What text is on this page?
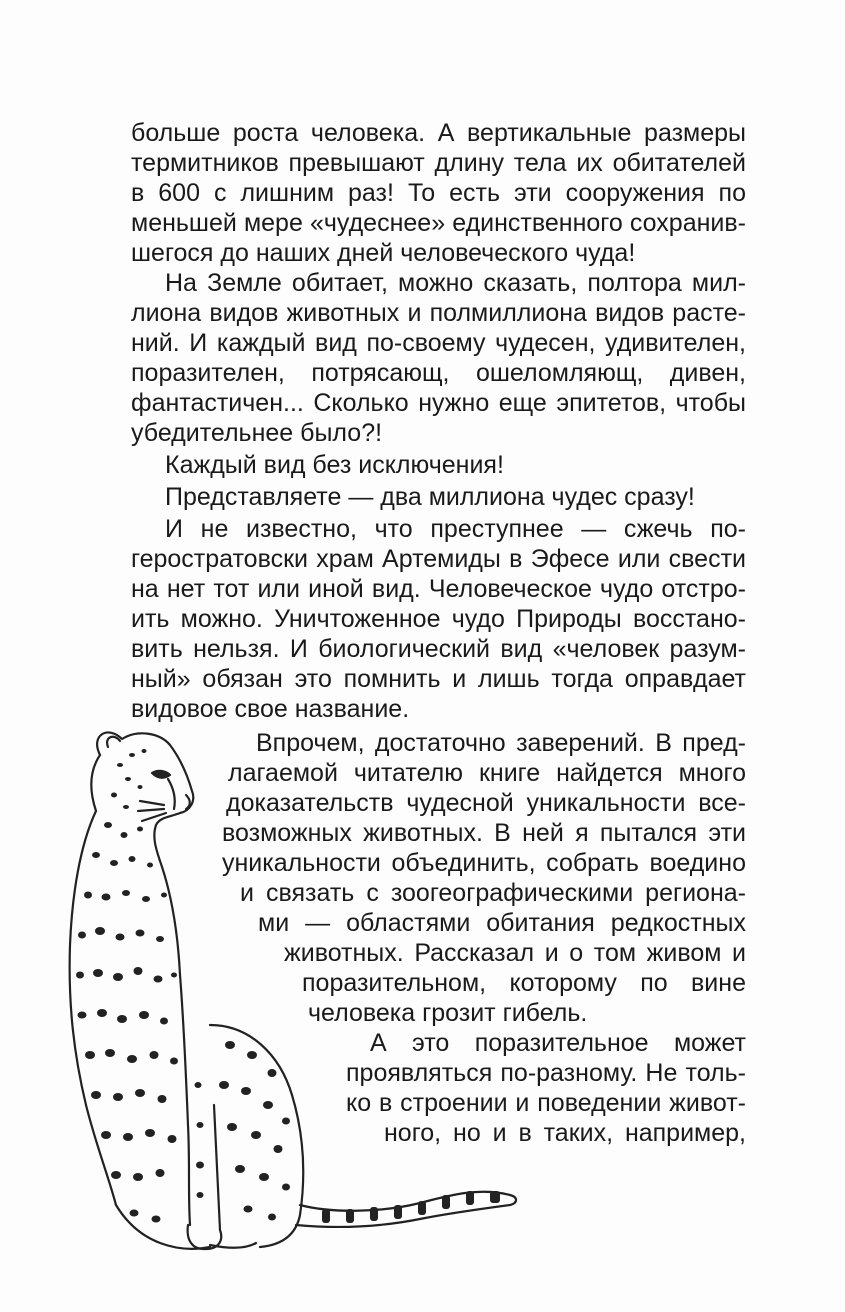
больше роста человека. А вертикальные размеры
термитников превышают длину тела их обитателей
в 600 с лишним раз! То есть эти сооружения по
меньшей мере «чудеснее» единственного сохранив-
шегося до наших дней человеческого чуда!
На Земле обитает, можно сказать, полтора мил-
лиона видов животных и полмиллиона видов расте-
ний. И каждый вид по-своему чудесен, удивителен,
поразителен, потрясающ, ошеломляющ, дивен,
фантастичен... Сколько нужно еще эпитетов, чтобы
убедительнее было?!
Каждый вид без исключения!
Представляете — два миллиона чудес сразу!
И не известно, что преступнее — сжечь по-
геростратовски храм Артемиды в Эфесе или свести
на нет тот или иной вид. Человеческое чудо отстро-
ить можно. Уничтоженное чудо Природы восстано-
вить нельзя. И биологический вид «человек разум-
ный» обязан это помнить и лишь тогда оправдает
видовое свое название.
Впрочем, достаточно заверений. В пред-
лагаемой читателю книге найдется много
доказательств чудесной уникальности все-
возможных животных. В ней я пытался эти
уникальности объединить, собрать воедино
и связать с зоогеографическими регионa-
ми — областями обитания редкостных
животных. Рассказал и о том живом и
поразительном, которому по вине
человека грозит гибель.
А это поразительное может
проявляться по-разному. Не толь-
ко в строении и поведении живот-
ного, но и в таких, например,
